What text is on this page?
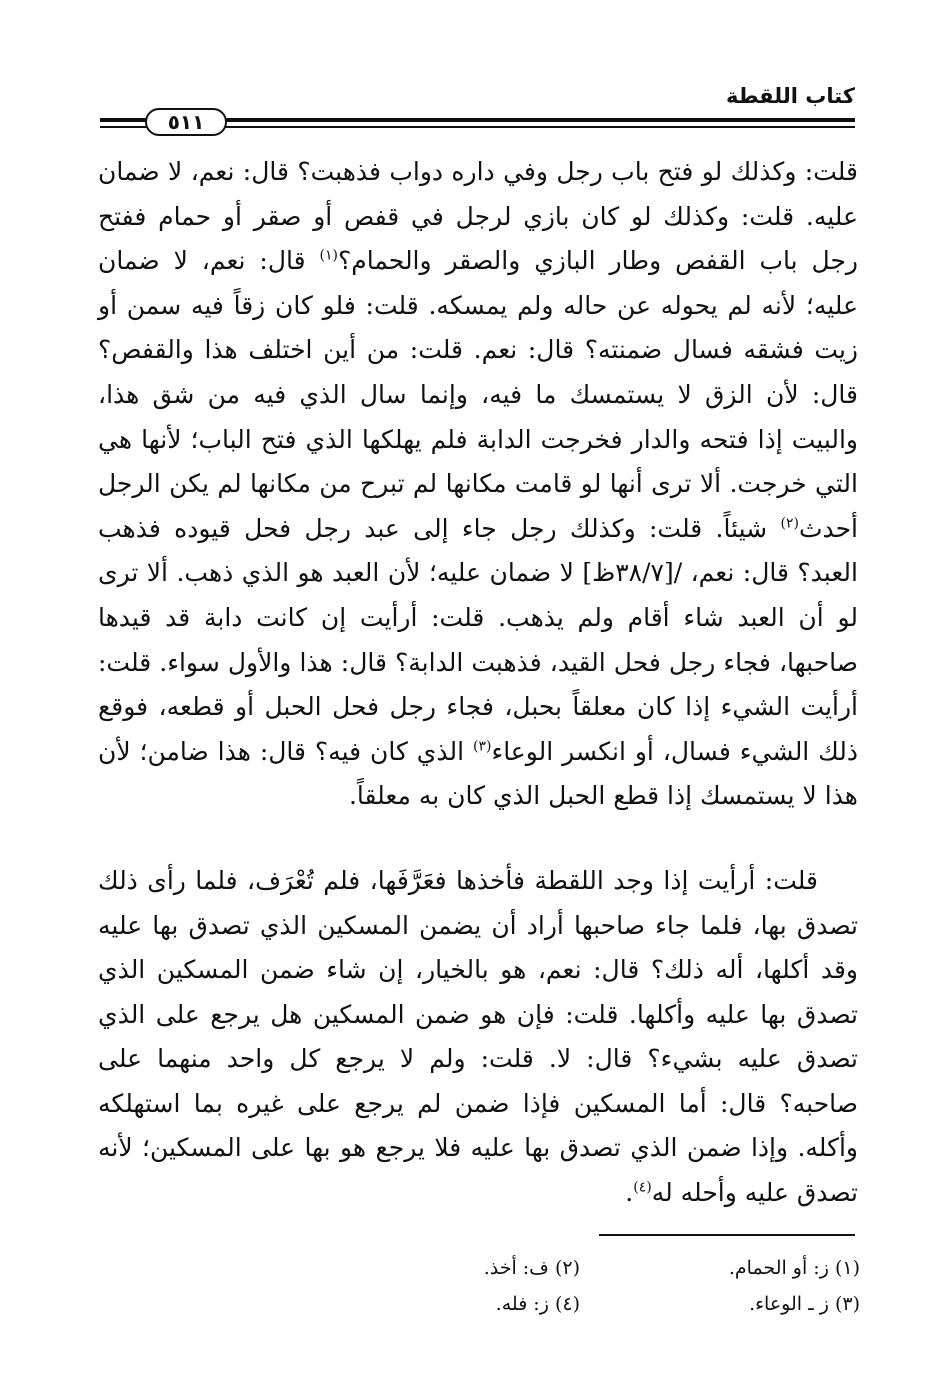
كتاب اللقطة
٥١١

قلت: وكذلك لو فتح باب رجل وفي داره دواب فذهبت؟ قال: نعم، لا ضمان عليه. قلت: وكذلك لو كان بازي لرجل في قفص أو صقر أو حمام ففتح رجل باب القفص وطار البازي والصقر والحمام؟$^{(١)}$ قال: نعم، لا ضمان عليه؛ لأنه لم يحوله عن حاله ولم يمسكه. قلت: فلو كان زقاً فيه سمن أو زيت فشقه فسال ضمنته؟ قال: نعم. قلت: من أين اختلف هذا والقفص؟ قال: لأن الزق لا يستمسك ما فيه، وإنما سال الذي فيه من شق هذا، والبيت إذا فتحه والدار فخرجت الدابة فلم يهلكها الذي فتح الباب؛ لأنها هي التي خرجت. ألا ترى أنها لو قامت مكانها لم تبرح من مكانها لم يكن الرجل أحدث$^{(٢)}$ شيئاً. قلت: وكذلك رجل جاء إلى عبد رجل فحل قيوده فذهب العبد؟ قال: نعم، /[٣٨/٧ظ] لا ضمان عليه؛ لأن العبد هو الذي ذهب. ألا ترى لو أن العبد شاء أقام ولم يذهب. قلت: أرأيت إن كانت دابة قد قيدها صاحبها، فجاء رجل فحل القيد، فذهبت الدابة؟ قال: هذا والأول سواء. قلت: أرأيت الشيء إذا كان معلقاً بحبل، فجاء رجل فحل الحبل أو قطعه، فوقع ذلك الشيء فسال، أو انكسر الوعاء$^{(٣)}$ الذي كان فيه؟ قال: هذا ضامن؛ لأن هذا لا يستمسك إذا قطع الحبل الذي كان به معلقاً.

قلت: أرأيت إذا وجد اللقطة فأخذها فعَرَّفَها، فلم تُعْرَف، فلما رأى ذلك تصدق بها، فلما جاء صاحبها أراد أن يضمن المسكين الذي تصدق بها عليه وقد أكلها، أله ذلك؟ قال: نعم، هو بالخيار، إن شاء ضمن المسكين الذي تصدق بها عليه وأكلها. قلت: فإن هو ضمن المسكين هل يرجع على الذي تصدق عليه بشيء؟ قال: لا. قلت: ولم لا يرجع كل واحد منهما على صاحبه؟ قال: أما المسكين فإذا ضمن لم يرجع على غيره بما استهلكه وأكله. وإذا ضمن الذي تصدق بها عليه فلا يرجع هو بها على المسكين؛ لأنه تصدق عليه وأحله له$^{(٤)}$.

(١) ز: أو الحمام.
(٢) ف: أخذ.
(٣) ز ـ الوعاء.
(٤) ز: فله.
